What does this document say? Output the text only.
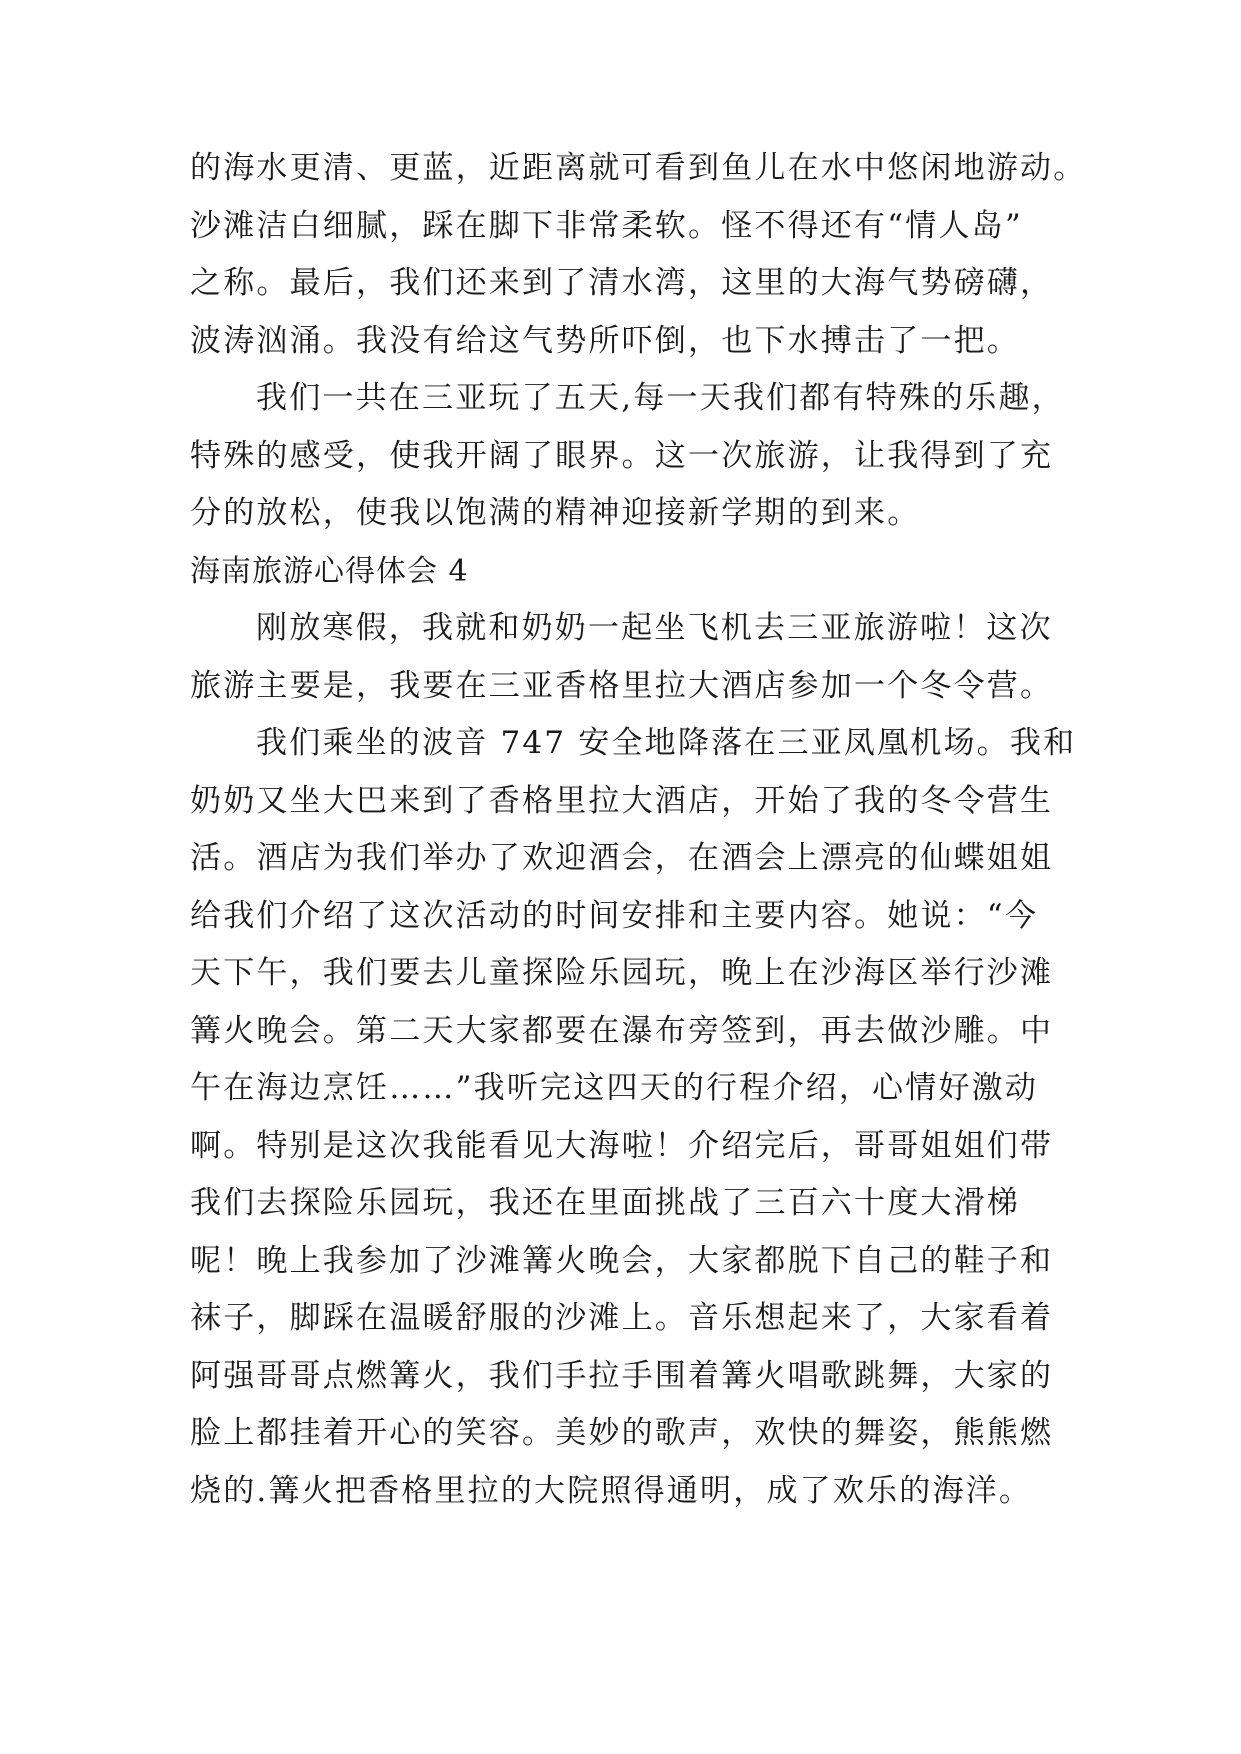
的海水更清、更蓝，近距离就可看到鱼儿在水中悠闲地游动。
沙滩洁白细腻，踩在脚下非常柔软。怪不得还有“情人岛”
之称。最后，我们还来到了清水湾，这里的大海气势磅礴，
波涛汹涌。我没有给这气势所吓倒，也下水搏击了一把。
我们一共在三亚玩了五天,每一天我们都有特殊的乐趣，
特殊的感受，使我开阔了眼界。这一次旅游，让我得到了充
分的放松，使我以饱满的精神迎接新学期的到来。
海南旅游心得体会 4
刚放寒假，我就和奶奶一起坐飞机去三亚旅游啦！这次
旅游主要是，我要在三亚香格里拉大酒店参加一个冬令营。
我们乘坐的波音 747 安全地降落在三亚凤凰机场。我和
奶奶又坐大巴来到了香格里拉大酒店，开始了我的冬令营生
活。酒店为我们举办了欢迎酒会，在酒会上漂亮的仙蝶姐姐
给我们介绍了这次活动的时间安排和主要内容。她说：“今
天下午，我们要去儿童探险乐园玩，晚上在沙海区举行沙滩
篝火晚会。第二天大家都要在瀑布旁签到，再去做沙雕。中
午在海边烹饪……”我听完这四天的行程介绍，心情好激动
啊。特别是这次我能看见大海啦！介绍完后，哥哥姐姐们带
我们去探险乐园玩，我还在里面挑战了三百六十度大滑梯
呢！晚上我参加了沙滩篝火晚会，大家都脱下自己的鞋子和
袜子，脚踩在温暖舒服的沙滩上。音乐想起来了，大家看着
阿强哥哥点燃篝火，我们手拉手围着篝火唱歌跳舞，大家的
脸上都挂着开心的笑容。美妙的歌声，欢快的舞姿，熊熊燃
烧的.篝火把香格里拉的大院照得通明，成了欢乐的海洋。
